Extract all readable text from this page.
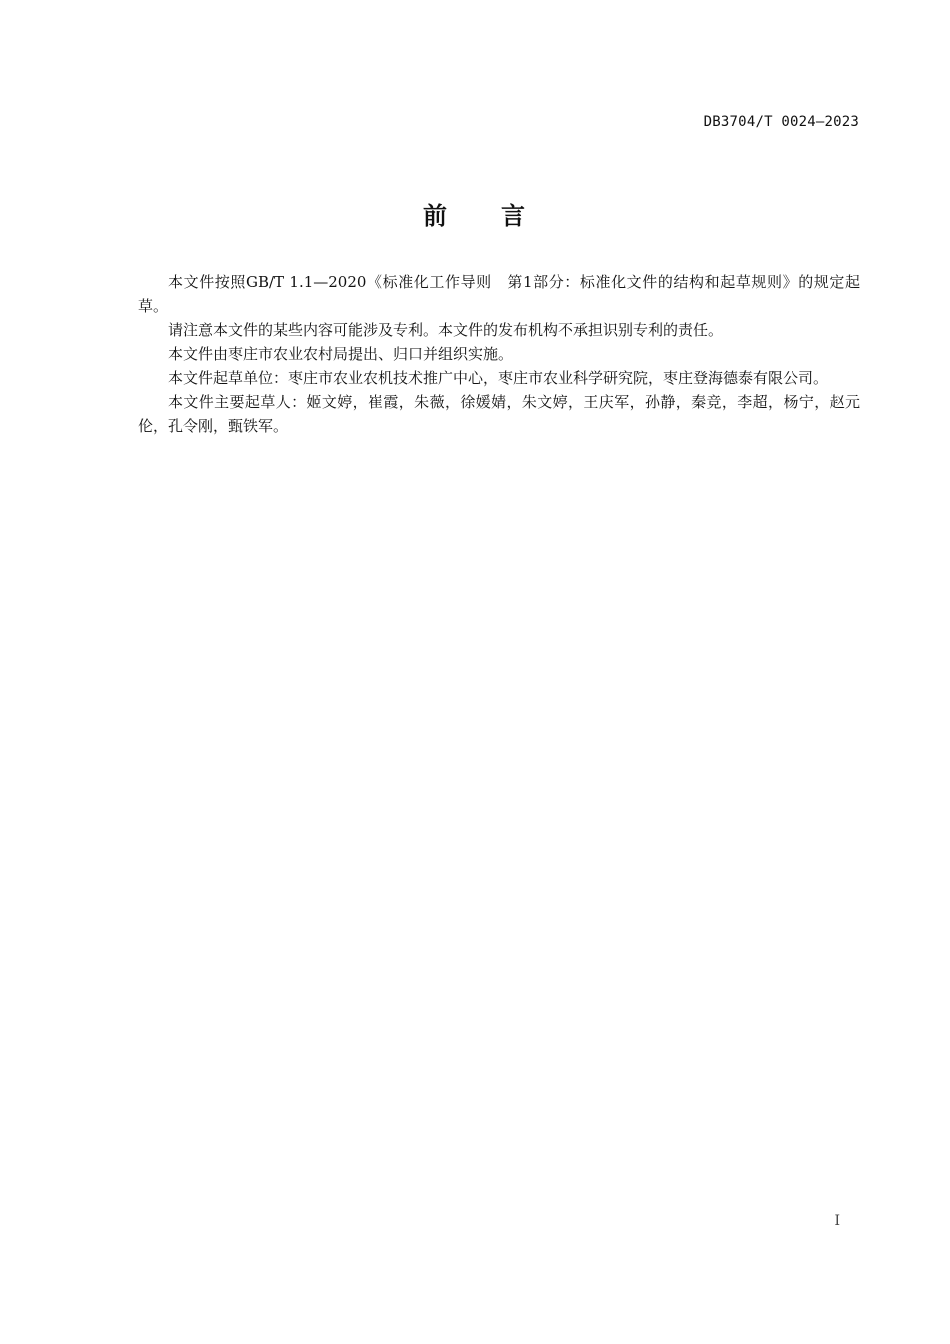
DB3704/T 0024—2023
前　　言

本文件按照GB/T 1.1—2020《标准化工作导则　第1部分：标准化文件的结构和起草规则》的规定起草。

请注意本文件的某些内容可能涉及专利。本文件的发布机构不承担识别专利的责任。

本文件由枣庄市农业农村局提出、归口并组织实施。

本文件起草单位：枣庄市农业农机技术推广中心，枣庄市农业科学研究院，枣庄登海德泰有限公司。

本文件主要起草人：姬文婷，崔霞，朱薇，徐媛婧，朱文婷，王庆军，孙静，秦竞，李超，杨宁，赵元伦，孔令刚，甄铁军。

I
